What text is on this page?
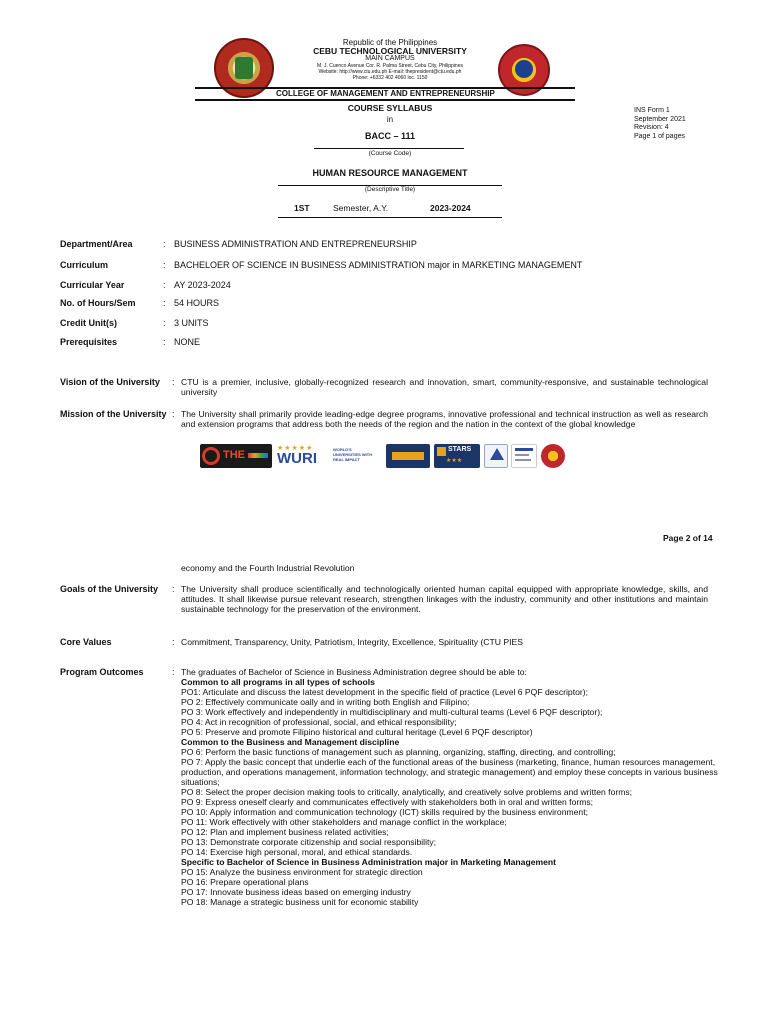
Republic of the Philippines
CEBU TECHNOLOGICAL UNIVERSITY
MAIN CAMPUS
M. J. Cuenco Avenue Cor. R. Palma Street, Cebu City, Philippines
Website: http://www.ctu.edu.ph E-mail: thepresident@ctu.edu.ph
Phone: +6332 402 4060 loc. 1150
COLLEGE OF MANAGEMENT AND ENTREPRENEURSHIP
INS Form 1
September 2021
Revision: 4
Page 1 of pages
COURSE SYLLABUS
in
BACC – 111
(Course Code)
HUMAN RESOURCE MANAGEMENT
(Descriptive Title)
1ST	Semester, A.Y.	2023-2024
Department/Area	: BUSINESS ADMINISTRATION AND ENTREPRENEURSHIP
Curriculum	: BACHELOER OF SCIENCE IN BUSINESS ADMINISTRATION major in MARKETING MANAGEMENT
Curricular Year	: AY 2023-2024
No. of Hours/Sem	: 54 HOURS
Credit Unit(s)	: 3 UNITS
Prerequisites	: NONE
Vision of the University : CTU is a premier, inclusive, globally-recognized research and innovation, smart, community-responsive, and sustainable technological university
Mission of the University : The University shall primarily provide leading-edge degree programs, innovative professional and technical instruction as well as research and extension programs that address both the needs of the region and the nation in the context of the global knowledge
THE
★★★★★
WURI
WORLD'S UNIVERSITIES WITH REAL IMPACT
STARS
★★★
Page 2 of 14
economy and the Fourth Industrial Revolution
Goals of the University : The University shall produce scientifically and technologically oriented human capital equipped with appropriate knowledge, skills, and attitudes. It shall likewise pursue relevant research, strengthen linkages with the industry, community and other institutions and maintain sustainable technology for the preservation of the environment.
Core Values	: Commitment, Transparency, Unity, Patriotism, Integrity, Excellence, Spirituality (CTU PIES
Program Outcomes	: The graduates of Bachelor of Science in Business Administration degree should be able to:
Common to all programs in all types of schools
PO1: Articulate and discuss the latest development in the specific field of practice (Level 6 PQF descriptor);
PO 2: Effectively communicate oally and in writing both English and Filipino;
PO 3: Work effectively and independently in multidisciplinary and multi-cultural teams (Level 6 PQF descriptor);
PO 4: Act in recognition of professional, social, and ethical responsibility;
PO 5: Preserve and promote Filipino historical and cultural heritage (Level 6 PQF descriptor)
Common to the Business and Management discipline
PO 6: Perform the basic functions of management such as planning, organizing, staffing, directing, and controlling;
PO 7: Apply the basic concept that underlie each of the functional areas of the business (marketing, finance, human resources management, production, and operations management, information technology, and strategic management) and employ these concepts in various business situations;
PO 8: Select the proper decision making tools to critically, analytically, and creatively solve problems and written forms;
PO 9: Express oneself clearly and communicates effectively with stakeholders both in oral and written forms;
PO 10: Apply information and communication technology (ICT) skills required by the business environment;
PO 11: Work effectively with other stakeholders and manage conflict in the workplace;
PO 12: Plan and implement business related activities;
PO 13: Demonstrate corporate citizenship and social responsibility;
PO 14: Exercise high personal, moral, and ethical standards.
Specific to Bachelor of Science in Business Administration major in Marketing Management
PO 15: Analyze the business environment for strategic direction
PO 16: Prepare operational plans
PO 17: Innovate business ideas based on emerging industry
PO 18: Manage a strategic business unit for economic stability
